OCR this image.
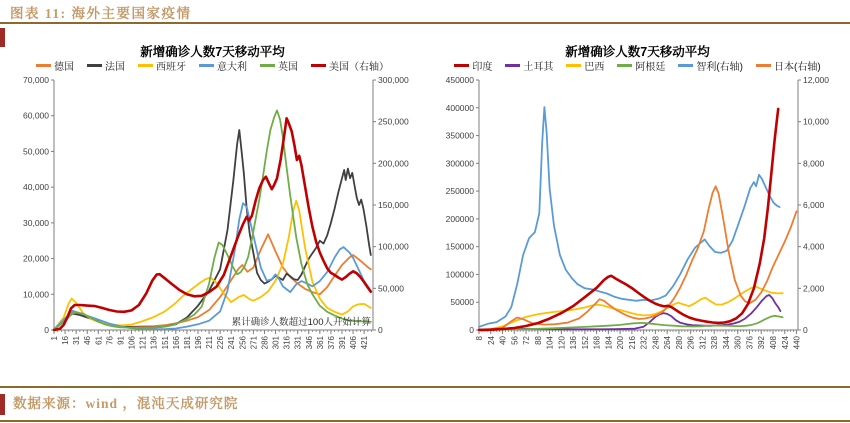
图表 11: 海外主要国家疫情
新增确诊人数7天移动平均
德国	法国	西班牙	意大利	英国	美国（右轴）
0
10,000
20,000
30,000
40,000
50,000
60,000
70,000
0
50,000
100,000
150,000
200,000
250,000
300,000
1 16 31 46 61 76 91 106 121 136 151 166 181 196 211 226 241 256 271 286 301 316 331 346 361 376 391 406 421
累计确诊人数超过100人开始计算
新增确诊人数7天移动平均
印度	土耳其	巴西	阿根廷	智利(右轴)	日本(右轴)
0
50000
100000
150000
200000
250000
300000
350000
400000
450000
0
2,000
4,000
6,000
8,000
10,000
12,000
8 24 40 56 72 88 104 120 136 152 168 184 200 216 232 248 264 280 296 312 328 344 360 376 392 408 424 440
数据来源：wind ，混沌天成研究院
